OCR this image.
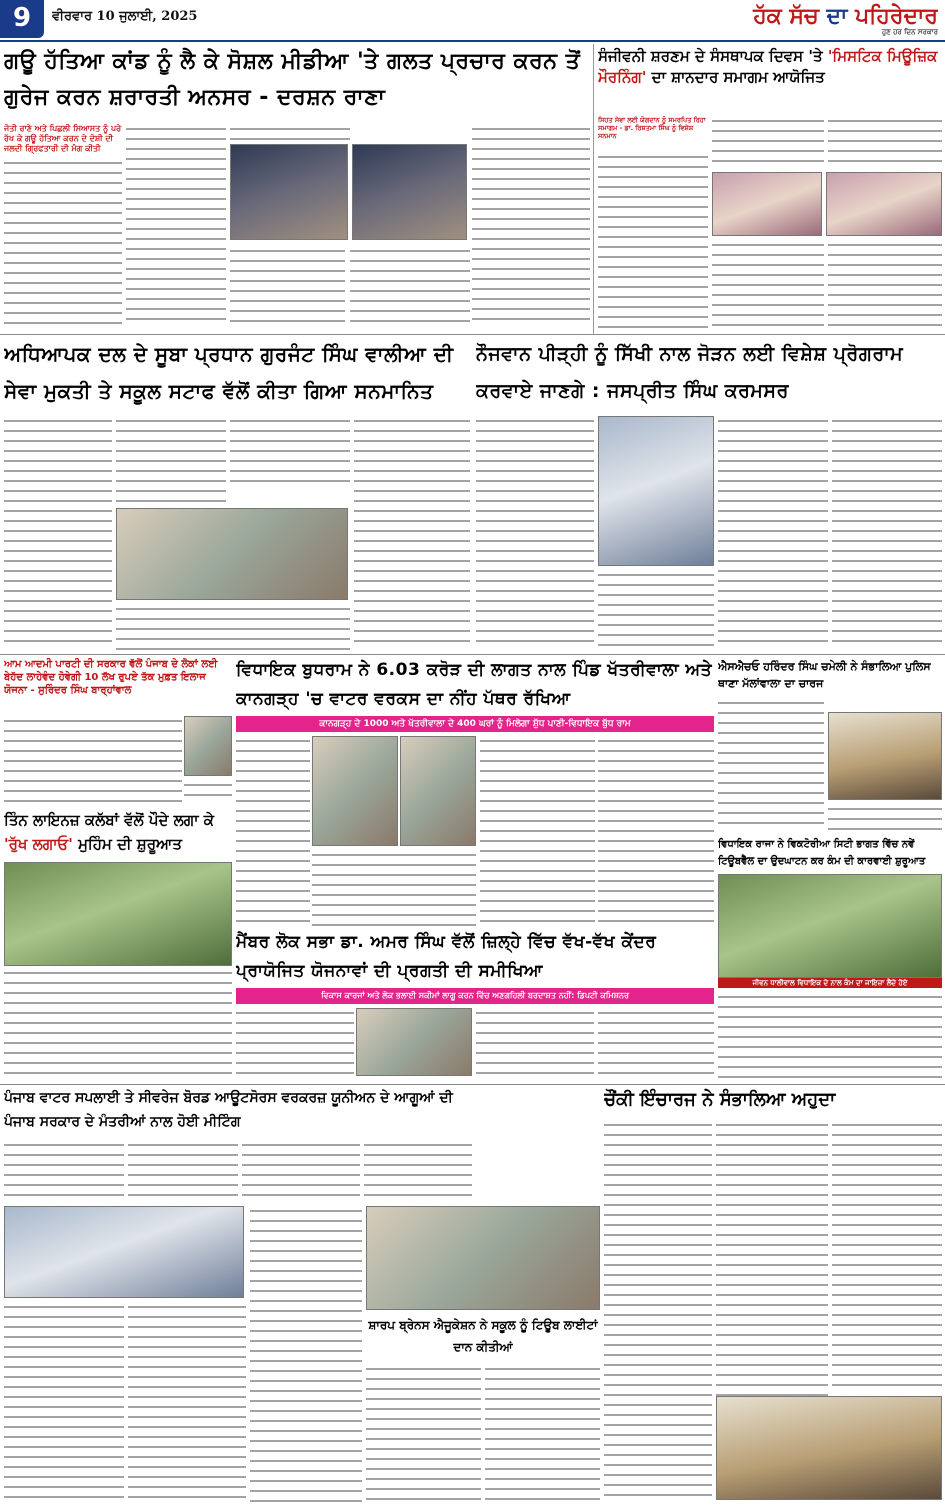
9	ਵੀਰਵਾਰ 10 ਜੁਲਾਈ, 2025	ਹੱਕ ਸੱਚ ਦਾ ਪਹਿਰੇਦਾਰ
ਹੁਣ ਹਰ ਦਿਨ ਸਰਕਾਰ
ਗਊ ਹੱਤਿਆ ਕਾਂਡ ਨੂੰ ਲੈ ਕੇ ਸੋਸ਼ਲ ਮੀਡੀਆ 'ਤੇ ਗਲਤ ਪ੍ਰਚਾਰ ਕਰਨ ਤੋਂ ਗੁਰੇਜ ਕਰਨ ਸ਼ਰਾਰਤੀ ਅਨਸਰ - ਦਰਸ਼ਨ ਰਾਣਾ
ਜੋਤੀ ਰਾਣੇ ਅਤੇ ਪਿਛਲੀ ਸਿਆਸਤ ਨੂੰ ਪਰੇ ਰੱਖ ਕੇ ਗਊ ਹੱਤਿਆ ਕਰਨ ਦੇ ਦੋਸ਼ੀ ਦੀ ਜਲਦੀ ਗ੍ਰਿਫਤਾਰੀ ਦੀ ਮੰਗ ਕੀਤੀ
ਸੰਜੀਵਨੀ ਸ਼ਰਣਮ ਦੇ ਸੰਸਥਾਪਕ ਦਿਵਸ 'ਤੇ 'ਮਿਸਟਿਕ ਮਿਊਜ਼ਿਕ ਮੌਰਨਿੰਗ' ਦਾ ਸ਼ਾਨਦਾਰ ਸਮਾਗਮ ਆਯੋਜਿਤ
ਸਿਹਤ ਸੇਵਾ ਲਈ ਯੋਗਦਾਨ ਨੂੰ ਸਮਰਪਿਤ ਰਿਹਾ ਸਮਾਗਮ - ਡਾ. ਰਿਸ਼ਤਮਾ ਸਿੰਘ ਨੂੰ ਵਿਸ਼ੇਸ਼ ਸਨਮਾਨ
ਅਧਿਆਪਕ ਦਲ ਦੇ ਸੂਬਾ ਪ੍ਰਧਾਨ ਗੁਰਜੰਟ ਸਿੰਘ ਵਾਲੀਆ ਦੀ ਸੇਵਾ ਮੁਕਤੀ ਤੇ ਸਕੂਲ ਸਟਾਫ ਵੱਲੋਂ ਕੀਤਾ ਗਿਆ ਸਨਮਾਨਿਤ
ਨੌਜਵਾਨ ਪੀੜ੍ਹੀ ਨੂੰ ਸਿੱਖੀ ਨਾਲ ਜੋੜਨ ਲਈ ਵਿਸ਼ੇਸ਼ ਪ੍ਰੋਗਰਾਮ ਕਰਵਾਏ ਜਾਣਗੇ : ਜਸਪ੍ਰੀਤ ਸਿੰਘ ਕਰਮਸਰ
ਆਮ ਆਦਮੀ ਪਾਰਟੀ ਦੀ ਸਰਕਾਰ ਵੱਲੋਂ ਪੰਜਾਬ ਦੇ ਲੋਕਾਂ ਲਈ ਬੇਹੱਦ ਲਾਹੇਵੰਦ ਹੋਵੇਗੀ 10 ਲੱਖ ਰੁਪਏ ਤੱਕ ਮੁਫ਼ਤ ਇਲਾਜ ਯੋਜਨਾ - ਸੁਰਿੰਦਰ ਸਿੰਘ ਬਾਰ੍ਹਾਂਵਾਲ
ਤਿੰਨ ਲਾਇਨਜ਼ ਕਲੱਬਾਂ ਵੱਲੋਂ ਪੌਦੇ ਲਗਾ ਕੇ 'ਰੁੱਖ ਲਗਾਓ' ਮੁਹਿੰਮ ਦੀ ਸ਼ੁਰੂਆਤ
ਵਿਧਾਇਕ ਬੁਧਰਾਮ ਨੇ 6.03 ਕਰੋੜ ਦੀ ਲਾਗਤ ਨਾਲ ਪਿੰਡ ਖੱਤਰੀਵਾਲਾ ਅਤੇ ਕਾਨਗੜ੍ਹ 'ਚ ਵਾਟਰ ਵਰਕਸ ਦਾ ਨੀਂਹ ਪੱਥਰ ਰੱਖਿਆ
ਕਾਨਗੜ੍ਹ ਦੇ 1000 ਅਤੇ ਖੱਤਰੀਵਾਲਾ ਦੇ 400 ਘਰਾਂ ਨੂੰ ਮਿਲੇਗਾ ਸ਼ੁੱਧ ਪਾਣੀ-ਵਿਧਾਇਕ ਬੁੱਧ ਰਾਮ
ਐਸਐਚਓ ਹਰਿੰਦਰ ਸਿੰਘ ਚਮੇਲੀ ਨੇ ਸੰਭਾਲਿਆ ਪੁਲਿਸ ਥਾਣਾ ਮੱਲਾਂਵਾਲਾ ਦਾ ਚਾਰਜ
ਵਿਧਾਇਕ ਰਾਜਾ ਨੇ ਵਿਕਟੋਰੀਆ ਸਿਟੀ ਭਾਗਤ ਵਿੱਚ ਨਵੇਂ ਟਿਊਬਵੈੱਲ ਦਾ ਉਦਘਾਟਨ ਕਰ ਕੰਮ ਦੀ ਕਾਰਵਾਈ ਸ਼ੁਰੂਆਤ
ਜੀਵਨ ਧਾਲੀਵਾਲ ਵਿਧਾਇਕ ਦੇ ਨਾਲ ਕੰਮ ਦਾ ਜਾਇਜ਼ਾ ਲੈਂਦੇ ਹੋਏ
ਮੈਂਬਰ ਲੋਕ ਸਭਾ ਡਾ. ਅਮਰ ਸਿੰਘ ਵੱਲੋਂ ਜ਼ਿਲ੍ਹੇ ਵਿੱਚ ਵੱਖ-ਵੱਖ ਕੇਂਦਰ ਪ੍ਰਾਯੋਜਿਤ ਯੋਜਨਾਵਾਂ ਦੀ ਪ੍ਰਗਤੀ ਦੀ ਸਮੀਖਿਆ
ਵਿਕਾਸ ਕਾਰਜਾਂ ਅਤੇ ਲੋਕ ਭਲਾਈ ਸਕੀਮਾਂ ਲਾਗੂ ਕਰਨ ਵਿੱਚ ਅਣਗਹਿਲੀ ਬਰਦਾਸ਼ਤ ਨਹੀਂ: ਡਿਪਟੀ ਕਮਿਸ਼ਨਰ
ਪੰਜਾਬ ਵਾਟਰ ਸਪਲਾਈ ਤੇ ਸੀਵਰੇਜ ਬੋਰਡ ਆਊਟਸੋਰਸ ਵਰਕਰਜ਼ ਯੂਨੀਅਨ ਦੇ ਆਗੂਆਂ ਦੀ ਪੰਜਾਬ ਸਰਕਾਰ ਦੇ ਮੰਤਰੀਆਂ ਨਾਲ ਹੋਈ ਮੀਟਿੰਗ
ਸ਼ਾਰਪ ਬ੍ਰੇਨਸ ਐਜੂਕੇਸ਼ਨ ਨੇ ਸਕੂਲ ਨੂੰ ਟਿਊਬ ਲਾਈਟਾਂ ਦਾਨ ਕੀਤੀਆਂ
ਚੌਂਕੀ ਇੰਚਾਰਜ ਨੇ ਸੰਭਾਲਿਆ ਅਹੁਦਾ
